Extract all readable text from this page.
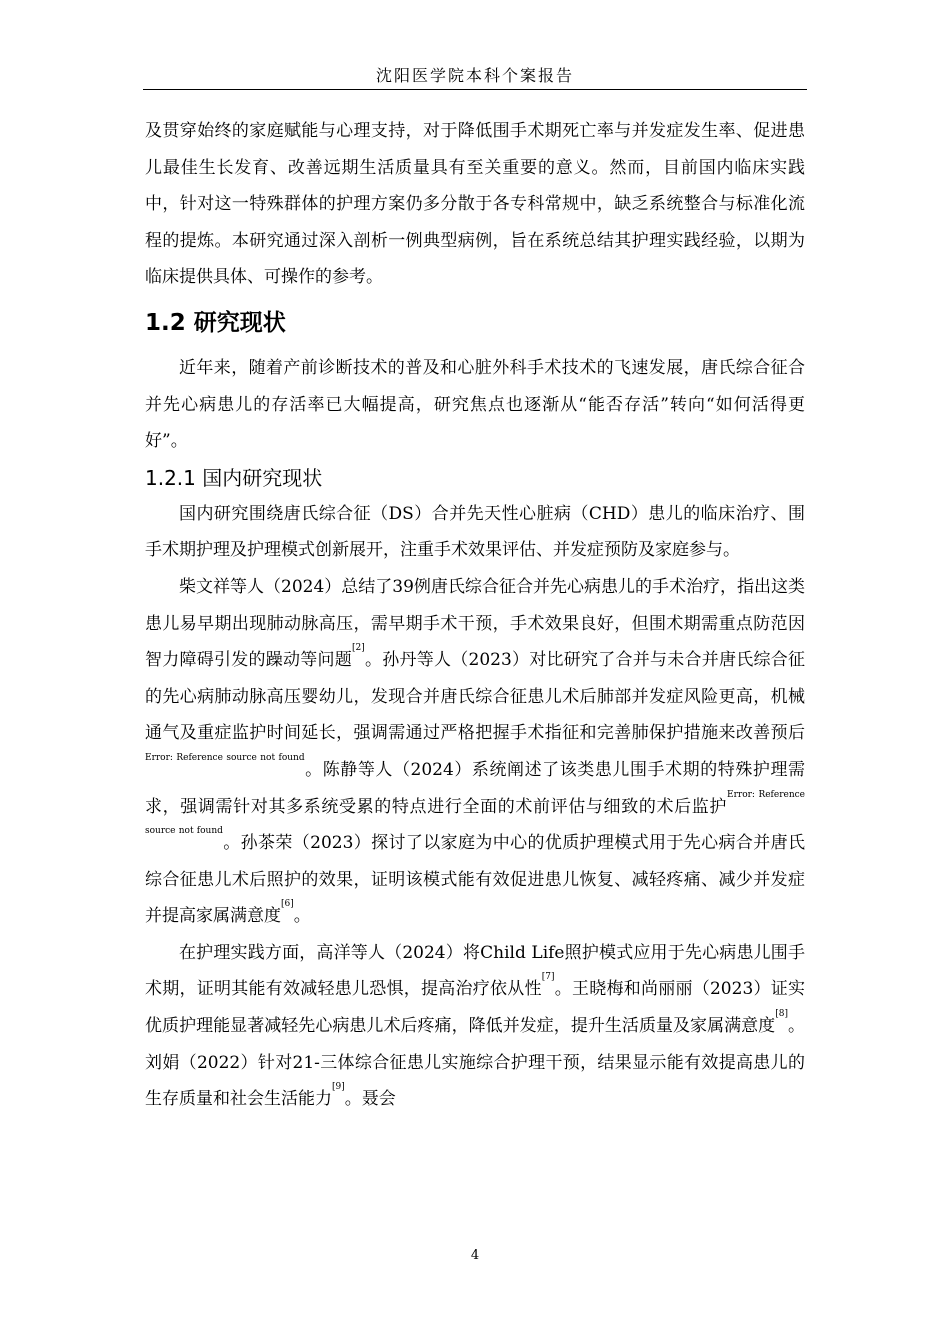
沈阳医学院本科个案报告

及贯穿始终的家庭赋能与心理支持，对于降低围手术期死亡率与并发症发生率、促进患儿最佳生长发育、改善远期生活质量具有至关重要的意义。然而，目前国内临床实践中，针对这一特殊群体的护理方案仍多分散于各专科常规中，缺乏系统整合与标准化流程的提炼。本研究通过深入剖析一例典型病例，旨在系统总结其护理实践经验，以期为临床提供具体、可操作的参考。

1.2 研究现状

近年来，随着产前诊断技术的普及和心脏外科手术技术的飞速发展，唐氏综合征合并先心病患儿的存活率已大幅提高，研究焦点也逐渐从“能否存活”转向“如何活得更好”。

1.2.1 国内研究现状

国内研究围绕唐氏综合征（DS）合并先天性心脏病（CHD）患儿的临床治疗、围手术期护理及护理模式创新展开，注重手术效果评估、并发症预防及家庭参与。

柴文祥等人（2024）总结了39例唐氏综合征合并先心病患儿的手术治疗，指出这类患儿易早期出现肺动脉高压，需早期手术干预，手术效果良好，但围术期需重点防范因智力障碍引发的躁动等问题[2]。孙丹等人（2023）对比研究了合并与未合并唐氏综合征的先心病肺动脉高压婴幼儿，发现合并唐氏综合征患儿术后肺部并发症风险更高，机械通气及重症监护时间延长，强调需通过严格把握手术指征和完善肺保护措施来改善预后$^{Error: Reference source not found}$。陈静等人（2024）系统阐述了该类患儿围手术期的特殊护理需求，强调需针对其多系统受累的特点进行全面的术前评估与细致的术后监护$^{Error: Reference source not found}$。孙茶荣（2023）探讨了以家庭为中心的优质护理模式用于先心病合并唐氏综合征患儿术后照护的效果，证明该模式能有效促进患儿恢复、减轻疼痛、减少并发症并提高家属满意度[6]。

在护理实践方面，高洋等人（2024）将Child Life照护模式应用于先心病患儿围手术期，证明其能有效减轻患儿恐惧，提高治疗依从性[7]。王晓梅和尚丽丽（2023）证实优质护理能显著减轻先心病患儿术后疼痛，降低并发症，提升生活质量及家属满意度[8]。刘娟（2022）针对21-三体综合征患儿实施综合护理干预，结果显示能有效提高患儿的生存质量和社会生活能力[9]。聂会

4
